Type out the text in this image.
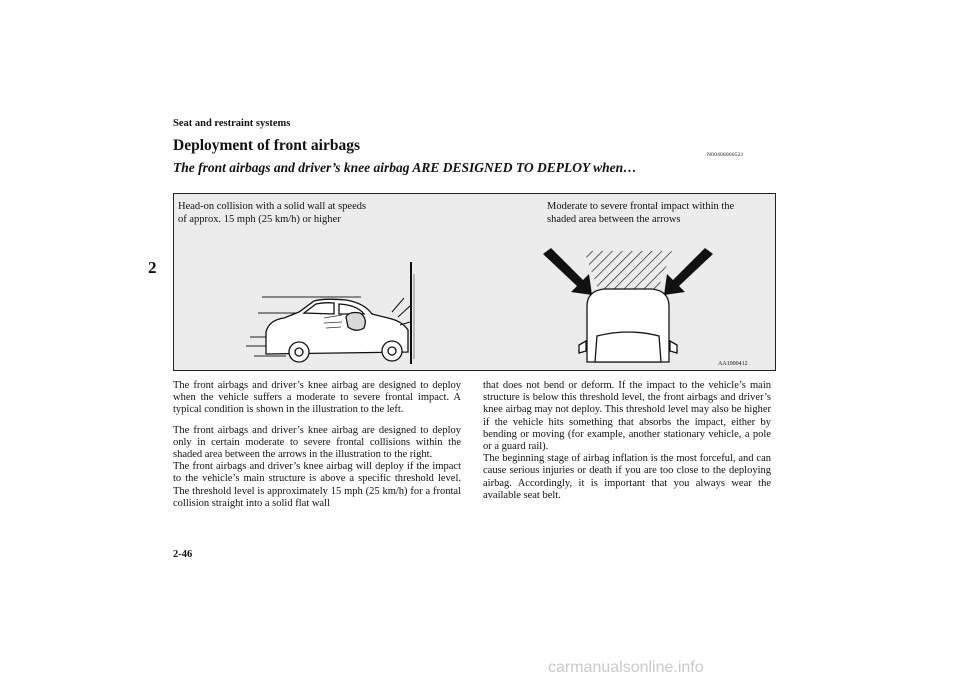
2
Seat and restraint systems
Deployment of front airbags
N00408000521
The front airbags and driver’s knee airbag ARE DESIGNED TO DEPLOY when…
Head-on collision with a solid wall at speeds of approx. 15 mph (25 km/h) or higher
Moderate to severe frontal impact within the shaded area between the arrows
AA1000412

The front airbags and driver’s knee airbag are designed to deploy when the vehicle suffers a moderate to severe frontal impact. A typical condition is shown in the illustration to the left.

The front airbags and driver’s knee airbag are designed to deploy only in certain moderate to severe frontal collisions within the shaded area between the arrows in the illustration to the right.

The front airbags and driver’s knee airbag will deploy if the impact to the vehicle’s main structure is above a specific threshold level. The threshold level is approximately 15 mph (25 km/h) for a frontal collision straight into a solid flat wall

that does not bend or deform. If the impact to the vehicle’s main structure is below this threshold level, the front airbags and driver’s knee airbag may not deploy. This threshold level may also be higher if the vehicle hits something that absorbs the impact, either by bending or moving (for example, another stationary vehicle, a pole or a guard rail).

The beginning stage of airbag inflation is the most forceful, and can cause serious injuries or death if you are too close to the deploying airbag. Accordingly, it is important that you always wear the available seat belt.

2-46
carmanualsonline.info
